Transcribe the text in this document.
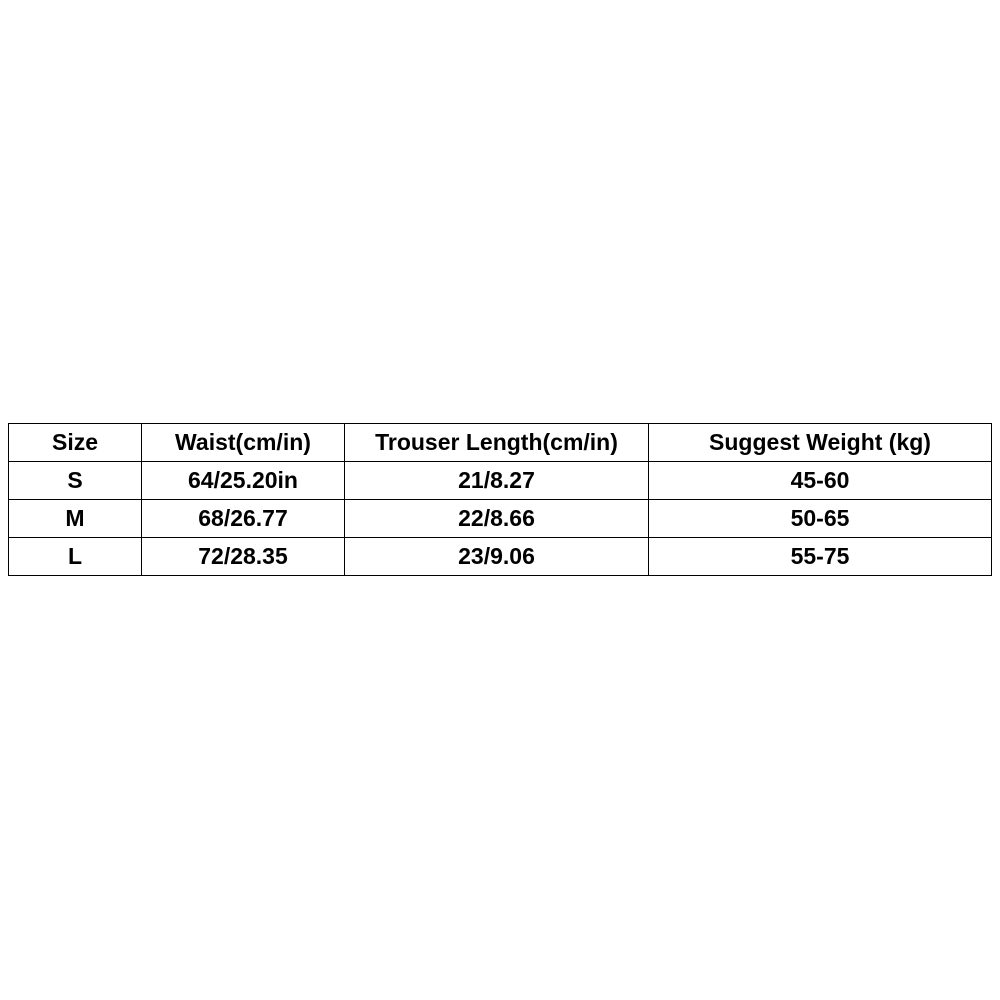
Size	Waist(cm/in)	Trouser Length(cm/in)	Suggest Weight (kg)
S	64/25.20in	21/8.27	45-60
M	68/26.77	22/8.66	50-65
L	72/28.35	23/9.06	55-75
